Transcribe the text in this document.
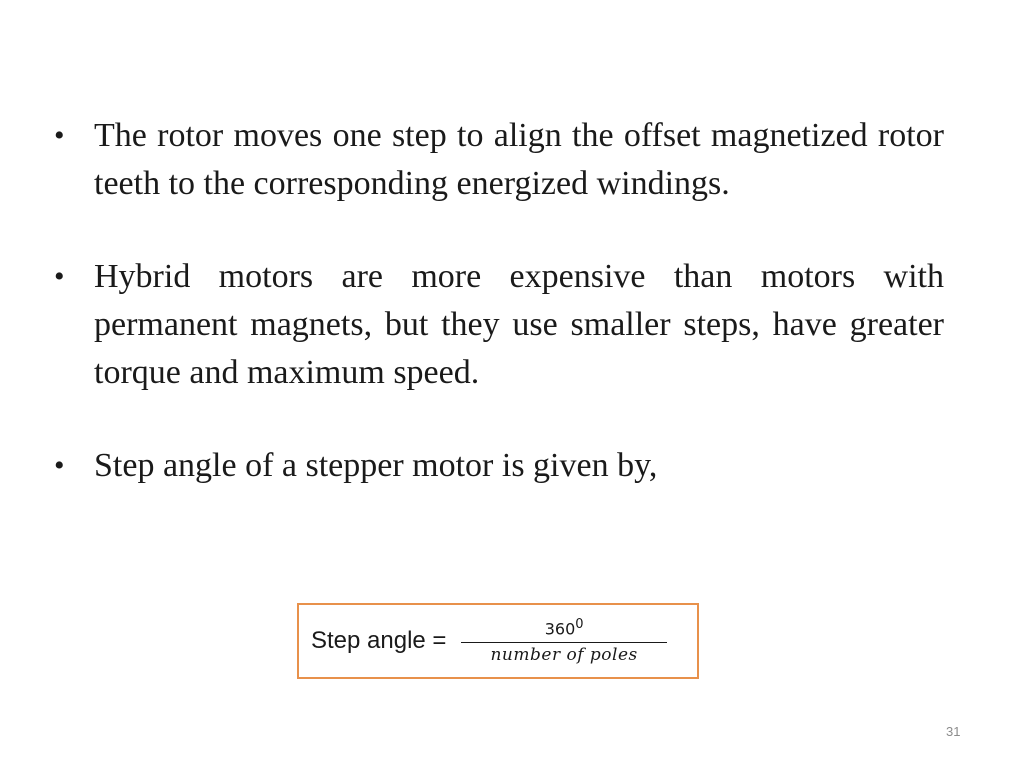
• The rotor moves one step to align the offset magnetized rotor teeth to the corresponding energized windings.
• Hybrid motors are more expensive than motors with permanent magnets, but they use smaller steps, have greater torque and maximum speed.
• Step angle of a stepper motor is given by,
Step angle = $\frac{360^0}{\text{number of poles}}$
31
